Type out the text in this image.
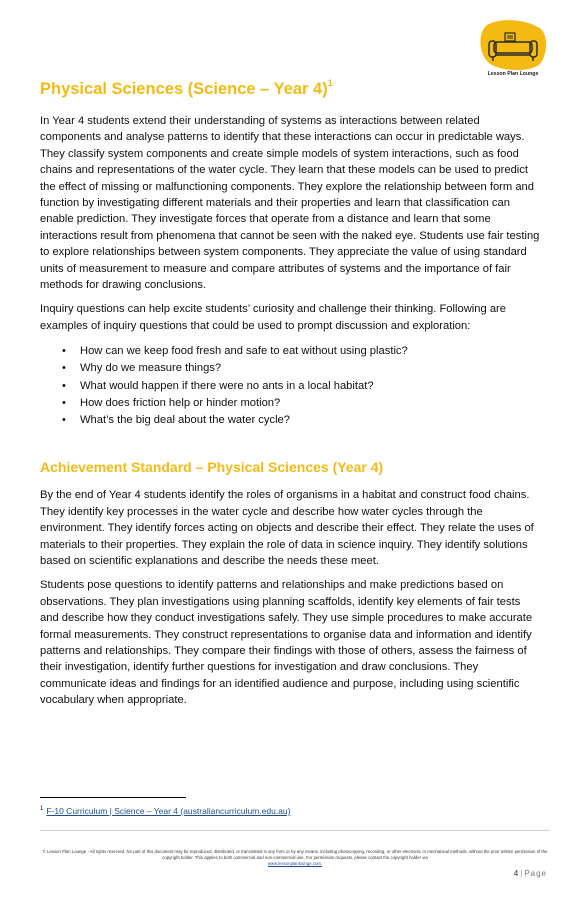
Lesson Plan Lounge
Physical Sciences (Science – Year 4)$^1$

In Year 4 students extend their understanding of systems as interactions between related components and analyse patterns to identify that these interactions can occur in predictable ways. They classify system components and create simple models of system interactions, such as food chains and representations of the water cycle. They learn that these models can be used to predict the effect of missing or malfunctioning components. They explore the relationship between form and function by investigating different materials and their properties and learn that classification can enable prediction. They investigate forces that operate from a distance and learn that some interactions result from phenomena that cannot be seen with the naked eye. Students use fair testing to explore relationships between system components. They appreciate the value of using standard units of measurement to measure and compare attributes of systems and the importance of fair methods for drawing conclusions.

Inquiry questions can help excite students’ curiosity and challenge their thinking. Following are examples of inquiry questions that could be used to prompt discussion and exploration:

• How can we keep food fresh and safe to eat without using plastic?
• Why do we measure things?
• What would happen if there were no ants in a local habitat?
• How does friction help or hinder motion?
• What’s the big deal about the water cycle?
Achievement Standard – Physical Sciences (Year 4)

By the end of Year 4 students identify the roles of organisms in a habitat and construct food chains. They identify key processes in the water cycle and describe how water cycles through the environment. They identify forces acting on objects and describe their effect. They relate the uses of materials to their properties. They explain the role of data in science inquiry. They identify solutions based on scientific explanations and describe the needs these meet.

Students pose questions to identify patterns and relationships and make predictions based on observations. They plan investigations using planning scaffolds, identify key elements of fair tests and describe how they conduct investigations safely. They use simple procedures to make accurate formal measurements. They construct representations to organise data and information and identify patterns and relationships. They compare their findings with those of others, assess the fairness of their investigation, identify further questions for investigation and draw conclusions. They communicate ideas and findings for an identified audience and purpose, including using scientific vocabulary when appropriate.

$^1$ F-10 Curriculum | Science – Year 4 (australiancurriculum.edu.au)
© Lesson Plan Lounge - All rights reserved. No part of this document may be reproduced, distributed, or transmitted in any form or by any means, including photocopying, recording, or other electronic or mechanical methods, without the prior written permission of the copyright holder. This applies to both commercial and non-commercial use. For permission requests, please contact the copyright holder via
www.lessonplanlounge.com.
4 | Page
